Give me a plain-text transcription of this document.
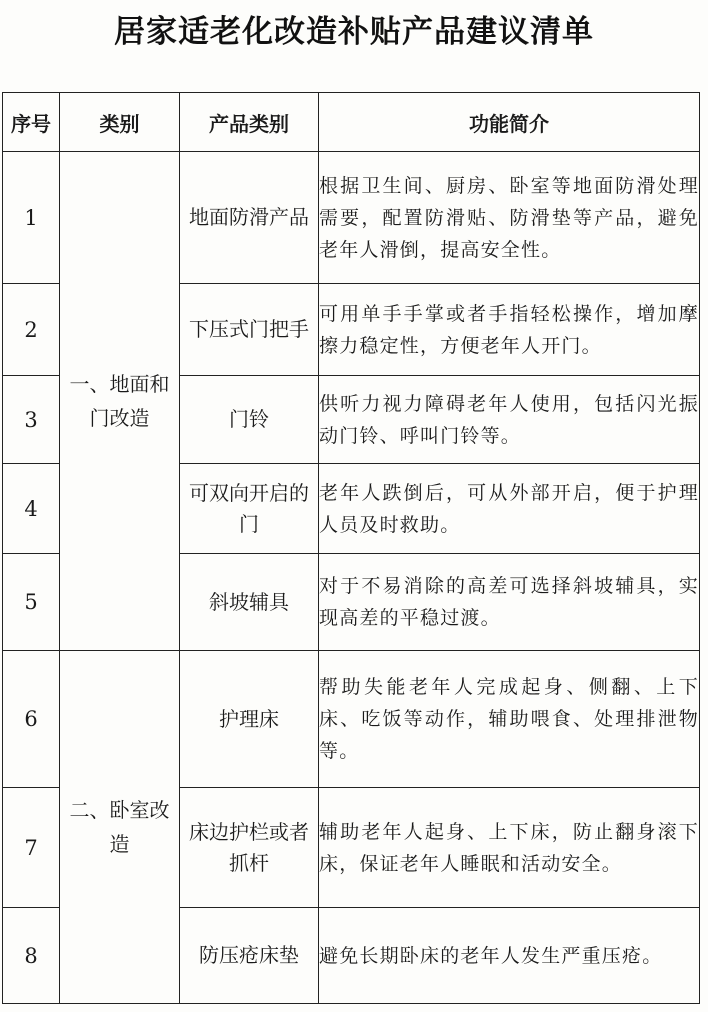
居家适老化改造补贴产品建议清单
序号	类别	产品类别	功能简介
1	一、地面和门改造	地面防滑产品	根据卫生间、厨房、卧室等地面防滑处理需要，配置防滑贴、防滑垫等产品，避免老年人滑倒，提高安全性。
2		下压式门把手	可用单手手掌或者手指轻松操作，增加摩擦力稳定性，方便老年人开门。
3		门铃	供听力视力障碍老年人使用，包括闪光振动门铃、呼叫门铃等。
4		可双向开启的门	老年人跌倒后，可从外部开启，便于护理人员及时救助。
5		斜坡辅具	对于不易消除的高差可选择斜坡辅具，实现高差的平稳过渡。
6	二、卧室改造	护理床	帮助失能老年人完成起身、侧翻、上下床、吃饭等动作，辅助喂食、处理排泄物等。
7		床边护栏或者抓杆	辅助老年人起身、上下床，防止翻身滚下床，保证老年人睡眠和活动安全。
8		防压疮床垫	避免长期卧床的老年人发生严重压疮。
